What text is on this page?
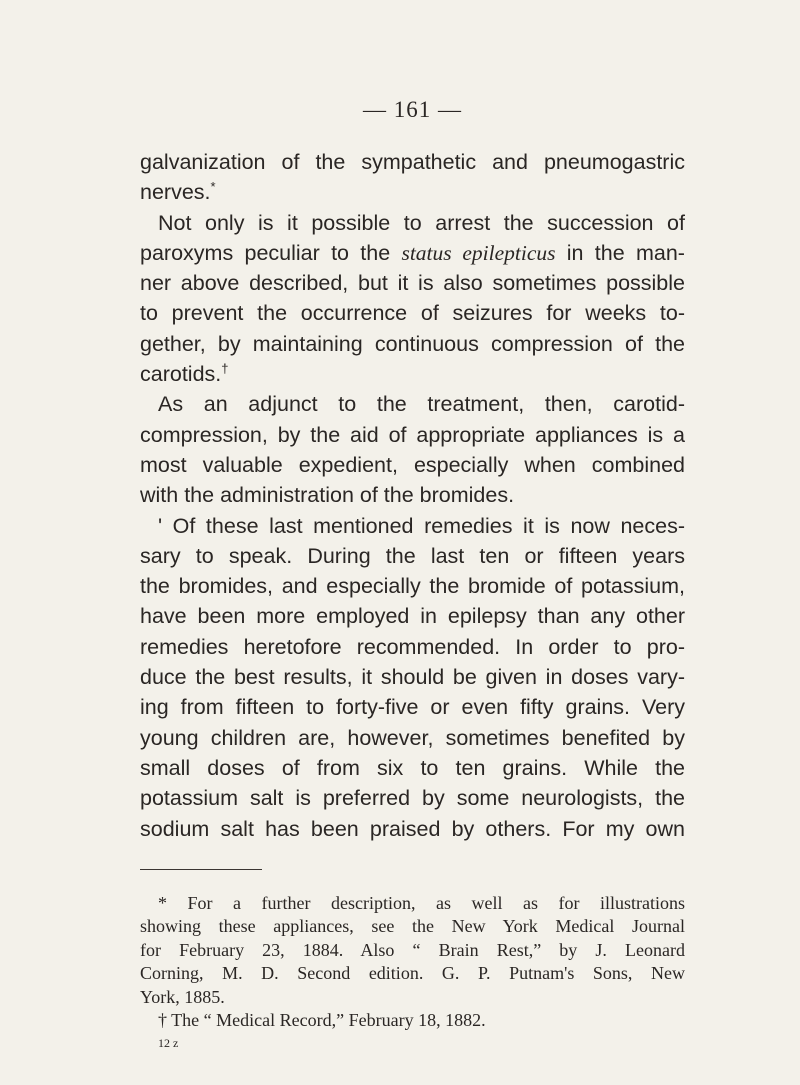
— 161 —
galvanization of the sympathetic and pneumogastric
nerves.*
Not only is it possible to arrest the succession of
paroxyms peculiar to the status epilepticus in the man-
ner above described, but it is also sometimes possible
to prevent the occurrence of seizures for weeks to-
gether, by maintaining continuous compression of the
carotids.†
As an adjunct to the treatment, then, carotid-
compression, by the aid of appropriate appliances is a
most valuable expedient, especially when combined
with the administration of the bromides.
' Of these last mentioned remedies it is now neces-
sary to speak. During the last ten or fifteen years
the bromides, and especially the bromide of potassium,
have been more employed in epilepsy than any other
remedies heretofore recommended. In order to pro-
duce the best results, it should be given in doses vary-
ing from fifteen to forty-five or even fifty grains. Very
young children are, however, sometimes benefited by
small doses of from six to ten grains. While the
potassium salt is preferred by some neurologists, the
sodium salt has been praised by others. For my own
* For a further description, as well as for illustrations
showing these appliances, see the New York Medical Journal
for February 23, 1884. Also “ Brain Rest,” by J. Leonard
Corning, M. D. Second edition. G. P. Putnam's Sons, New
York, 1885.
† The “ Medical Record,” February 18, 1882.
12 z
